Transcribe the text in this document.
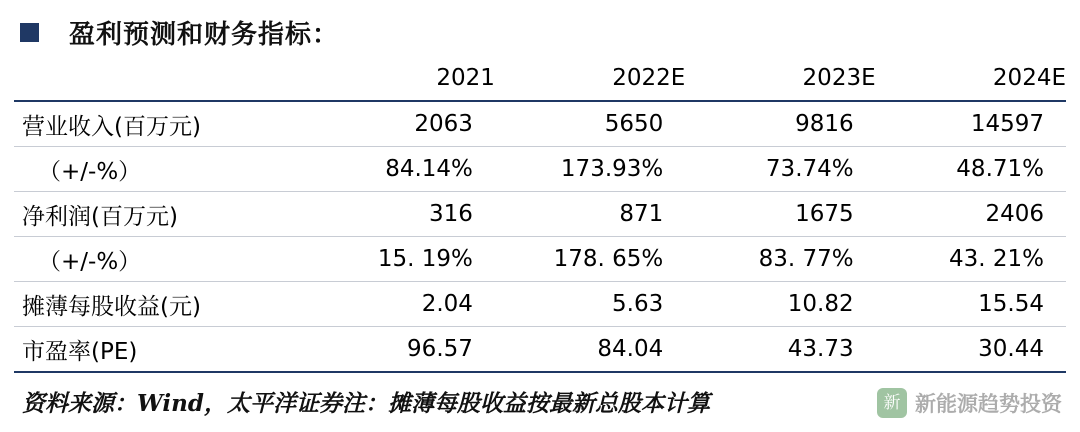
盈利预测和财务指标：
	2021	2022E	2023E	2024E
营业收入(百万元)	2063	5650	9816	14597
（+/-%）	84.14%	173.93%	73.74%	48.71%
净利润(百万元)	316	871	1675	2406
（+/-%）	15. 19%	178. 65%	83. 77%	43. 21%
摊薄每股收益(元)	2.04	5.63	10.82	15.54
市盈率(PE)	96.57	84.04	43.73	30.44
资料来源：Wind，太平洋证券注：摊薄每股收益按最新总股本计算	新 新能源趋势投资
